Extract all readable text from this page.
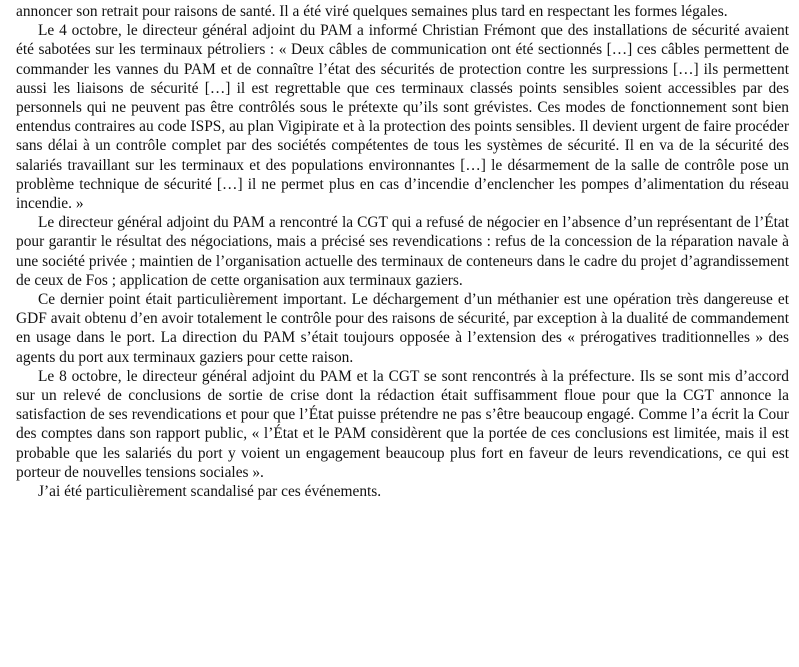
annoncer son retrait pour raisons de santé. Il a été viré quelques semaines plus tard en respectant les formes légales.

Le 4 octobre, le directeur général adjoint du PAM a informé Christian Frémont que des installations de sécurité avaient été sabotées sur les terminaux pétroliers : « Deux câbles de communication ont été sectionnés […] ces câbles permettent de commander les vannes du PAM et de connaître l’état des sécurités de protection contre les surpressions […] ils permettent aussi les liaisons de sécurité […] il est regrettable que ces terminaux classés points sensibles soient accessibles par des personnels qui ne peuvent pas être contrôlés sous le prétexte qu’ils sont grévistes. Ces modes de fonctionnement sont bien entendus contraires au code ISPS, au plan Vigipirate et à la protection des points sensibles. Il devient urgent de faire procéder sans délai à un contrôle complet par des sociétés compétentes de tous les systèmes de sécurité. Il en va de la sécurité des salariés travaillant sur les terminaux et des populations environnantes […] le désarmement de la salle de contrôle pose un problème technique de sécurité […] il ne permet plus en cas d’incendie d’enclencher les pompes d’alimentation du réseau incendie. »

Le directeur général adjoint du PAM a rencontré la CGT qui a refusé de négocier en l’absence d’un représentant de l’État pour garantir le résultat des négociations, mais a précisé ses revendications : refus de la concession de la réparation navale à une société privée ; maintien de l’organisation actuelle des terminaux de conteneurs dans le cadre du projet d’agrandissement de ceux de Fos ; application de cette organisation aux terminaux gaziers.

Ce dernier point était particulièrement important. Le déchargement d’un méthanier est une opération très dangereuse et GDF avait obtenu d’en avoir totalement le contrôle pour des raisons de sécurité, par exception à la dualité de commandement en usage dans le port. La direction du PAM s’était toujours opposée à l’extension des « prérogatives traditionnelles » des agents du port aux terminaux gaziers pour cette raison.

Le 8 octobre, le directeur général adjoint du PAM et la CGT se sont rencontrés à la préfecture. Ils se sont mis d’accord sur un relevé de conclusions de sortie de crise dont la rédaction était suffisamment floue pour que la CGT annonce la satisfaction de ses revendications et pour que l’État puisse prétendre ne pas s’être beaucoup engagé. Comme l’a écrit la Cour des comptes dans son rapport public, « l’État et le PAM considèrent que la portée de ces conclusions est limitée, mais il est probable que les salariés du port y voient un engagement beaucoup plus fort en faveur de leurs revendications, ce qui est porteur de nouvelles tensions sociales ».

J’ai été particulièrement scandalisé par ces événements.
